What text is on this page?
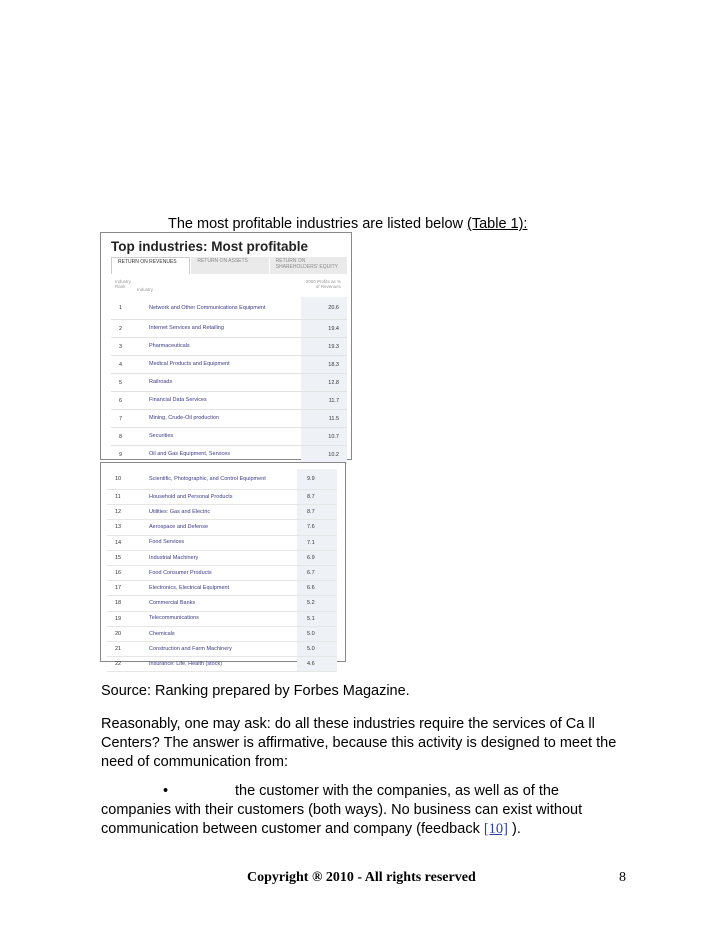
The most profitable industries are listed below (Table 1):
Top industries: Most profitable
RETURN ON REVENUES	RETURN ON ASSETS	RETURN ON SHAREHOLDERS' EQUITY
Industry Rank
Industry
2000 Profits as % of Revenues
1	Network and Other Communications Equipment	20.6
2	Internet Services and Retailing	19.4
3	Pharmaceuticals	19.3
4	Medical Products and Equipment	18.3
5	Railroads	12.8
6	Financial Data Services	11.7
7	Mining, Crude-Oil production	11.5
8	Securities	10.7
9	Oil and Gas Equipment, Services	10.2
10	Scientific, Photographic, and Control Equipment	9.9
11	Household and Personal Products	8.7
12	Utilities: Gas and Electric	8.7
13	Aerospace and Defense	7.6
14	Food Services	7.1
15	Industrial Machinery	6.9
16	Food Consumer Products	6.7
17	Electronics, Electrical Equipment	6.6
18	Commercial Banks	5.2
19	Telecommunications	5.1
20	Chemicals	5.0
21	Construction and Farm Machinery	5.0
22	Insurance: Life, Health (stock)	4.6
Source: Ranking prepared by Forbes Magazine.
Reasonably, one may ask: do all these industries require the services of Ca ll
Centers? The answer is affirmative, because this activity is designed to meet the
need of communication from:
•	the customer with the companies, as well as of the
companies with their customers (both ways). No business can exist without
communication between customer and company (feedback [10] ).
Copyright ® 2010 - All rights reserved	8
